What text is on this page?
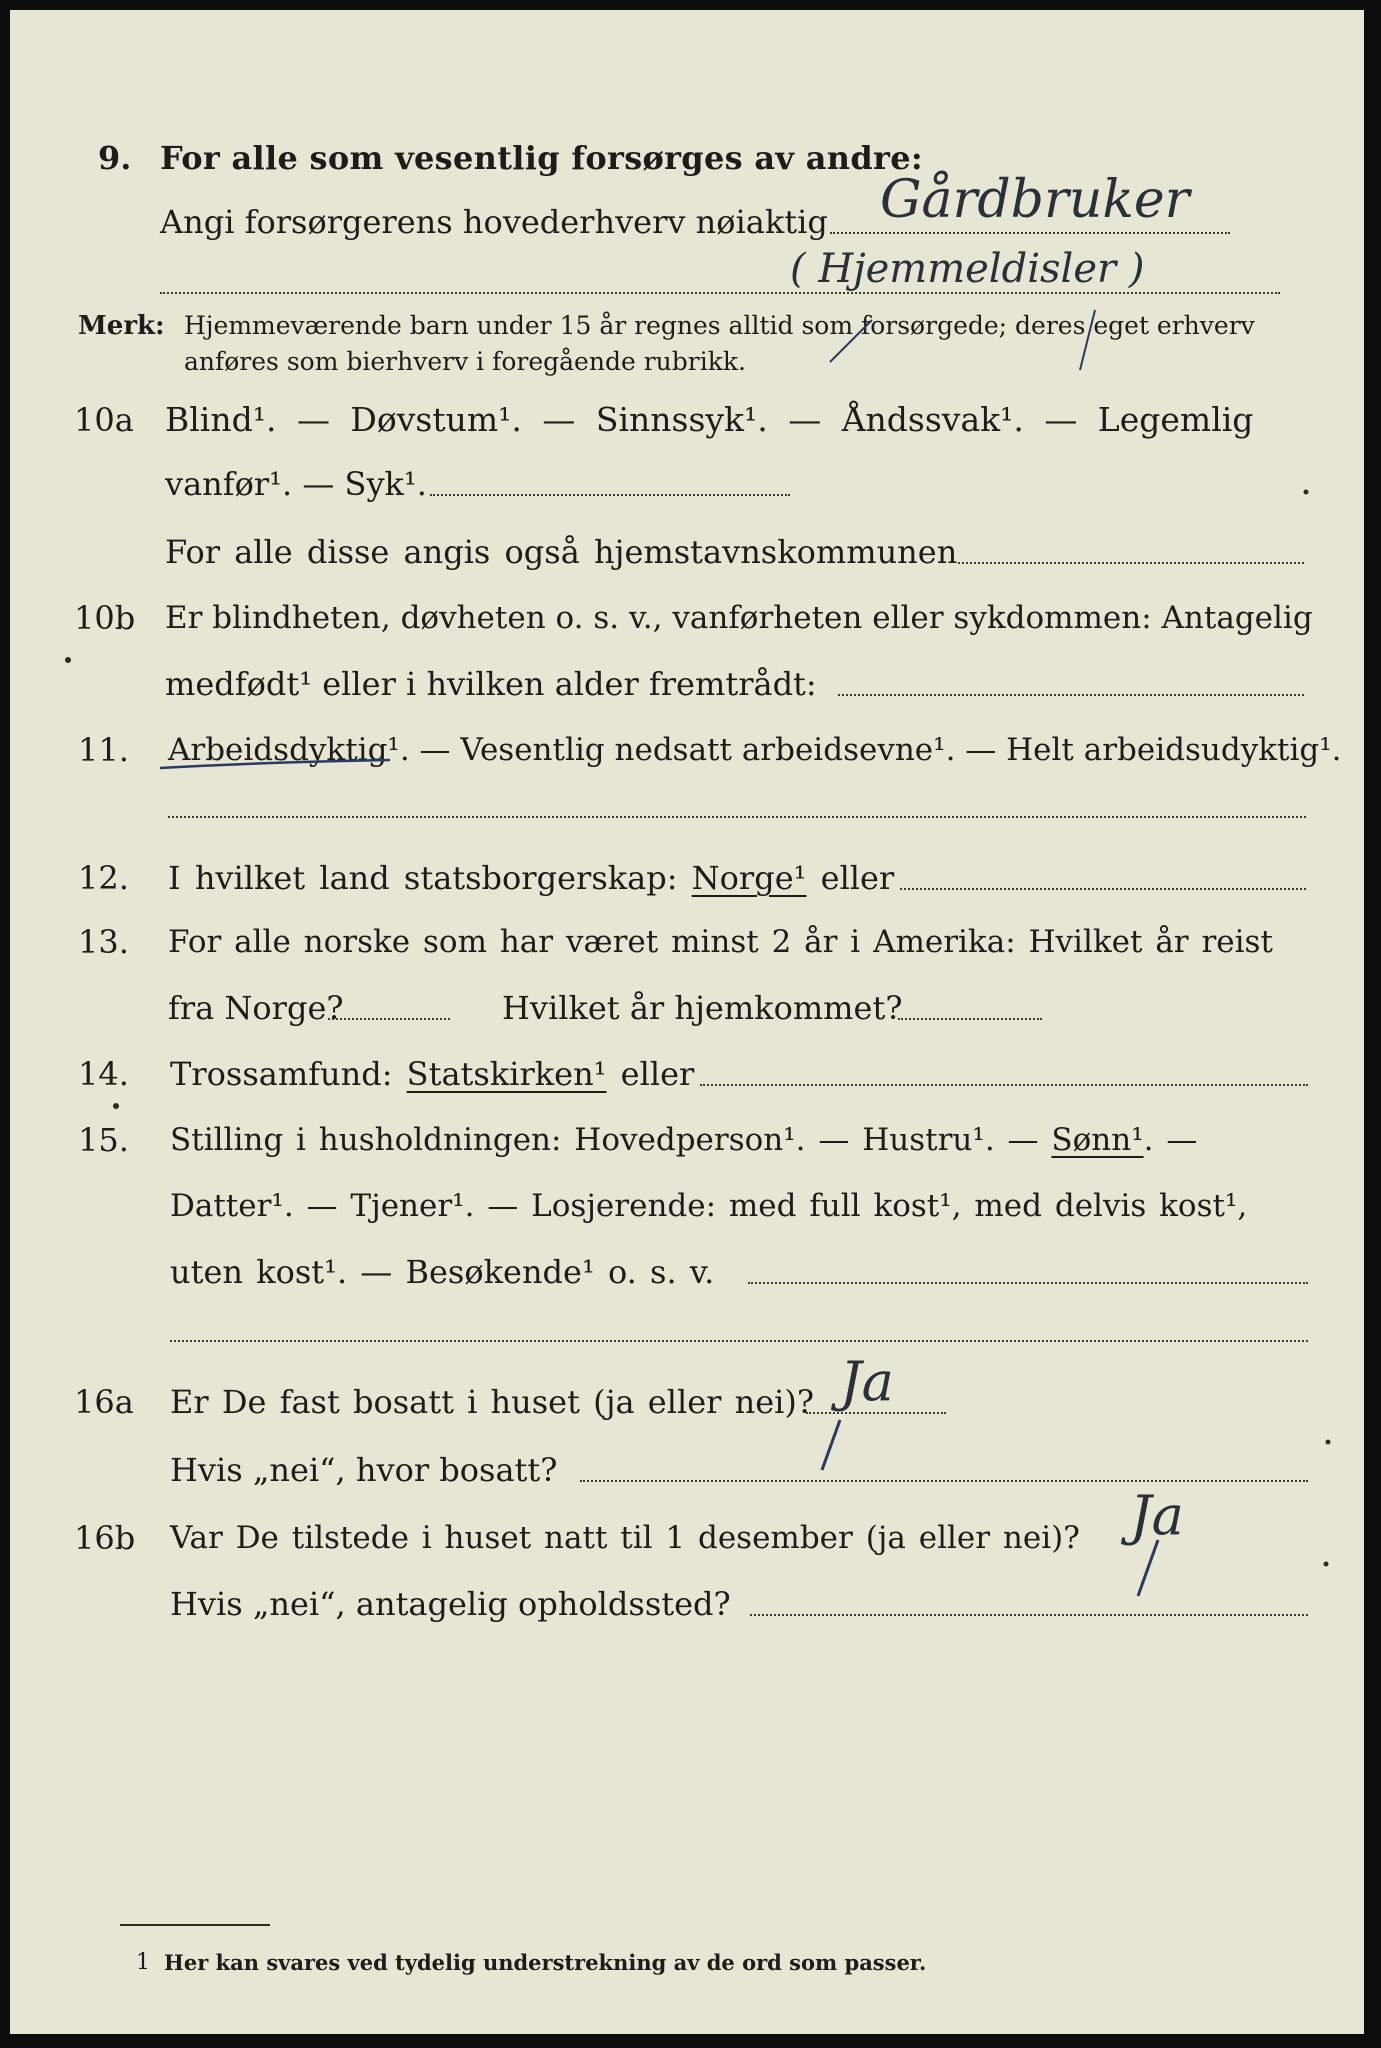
9. For alle som vesentlig forsørges av andre:
Angi forsørgerens hovederhverv nøiaktig Gårdbruker
( Hjemmeldisler )
Merk: Hjemmeværende barn under 15 år regnes alltid som forsørgede; deres eget erhverv
anføres som bierhverv i foregående rubrikk.
10a Blind¹. — Døvstum¹. — Sinnssyk¹. — Åndssvak¹. — Legemlig
vanfør¹. — Syk¹.
For alle disse angis også hjemstavnskommunen
10b Er blindheten, døvheten o. s. v., vanførheten eller sykdommen: Antagelig
medfødt¹ eller i hvilken alder fremtrådt:
11. Arbeidsdyktig¹. — Vesentlig nedsatt arbeidsevne¹. — Helt arbeidsudyktig¹.
12. I hvilket land statsborgerskap: Norge¹ eller
13. For alle norske som har været minst 2 år i Amerika: Hvilket år reist
fra Norge?	Hvilket år hjemkommet?
14. Trossamfund: Statskirken¹ eller
15. Stilling i husholdningen: Hovedperson¹. — Hustru¹. — Sønn¹. —
Datter¹. — Tjener¹. — Losjerende: med full kost¹, med delvis kost¹,
uten kost¹. — Besøkende¹ o. s. v.
16a Er De fast bosatt i huset (ja eller nei)? Ja
Hvis „nei“, hvor bosatt?
16b Var De tilstede i huset natt til 1 desember (ja eller nei)? Ja
Hvis „nei“, antagelig opholdssted?
1 Her kan svares ved tydelig understrekning av de ord som passer.
